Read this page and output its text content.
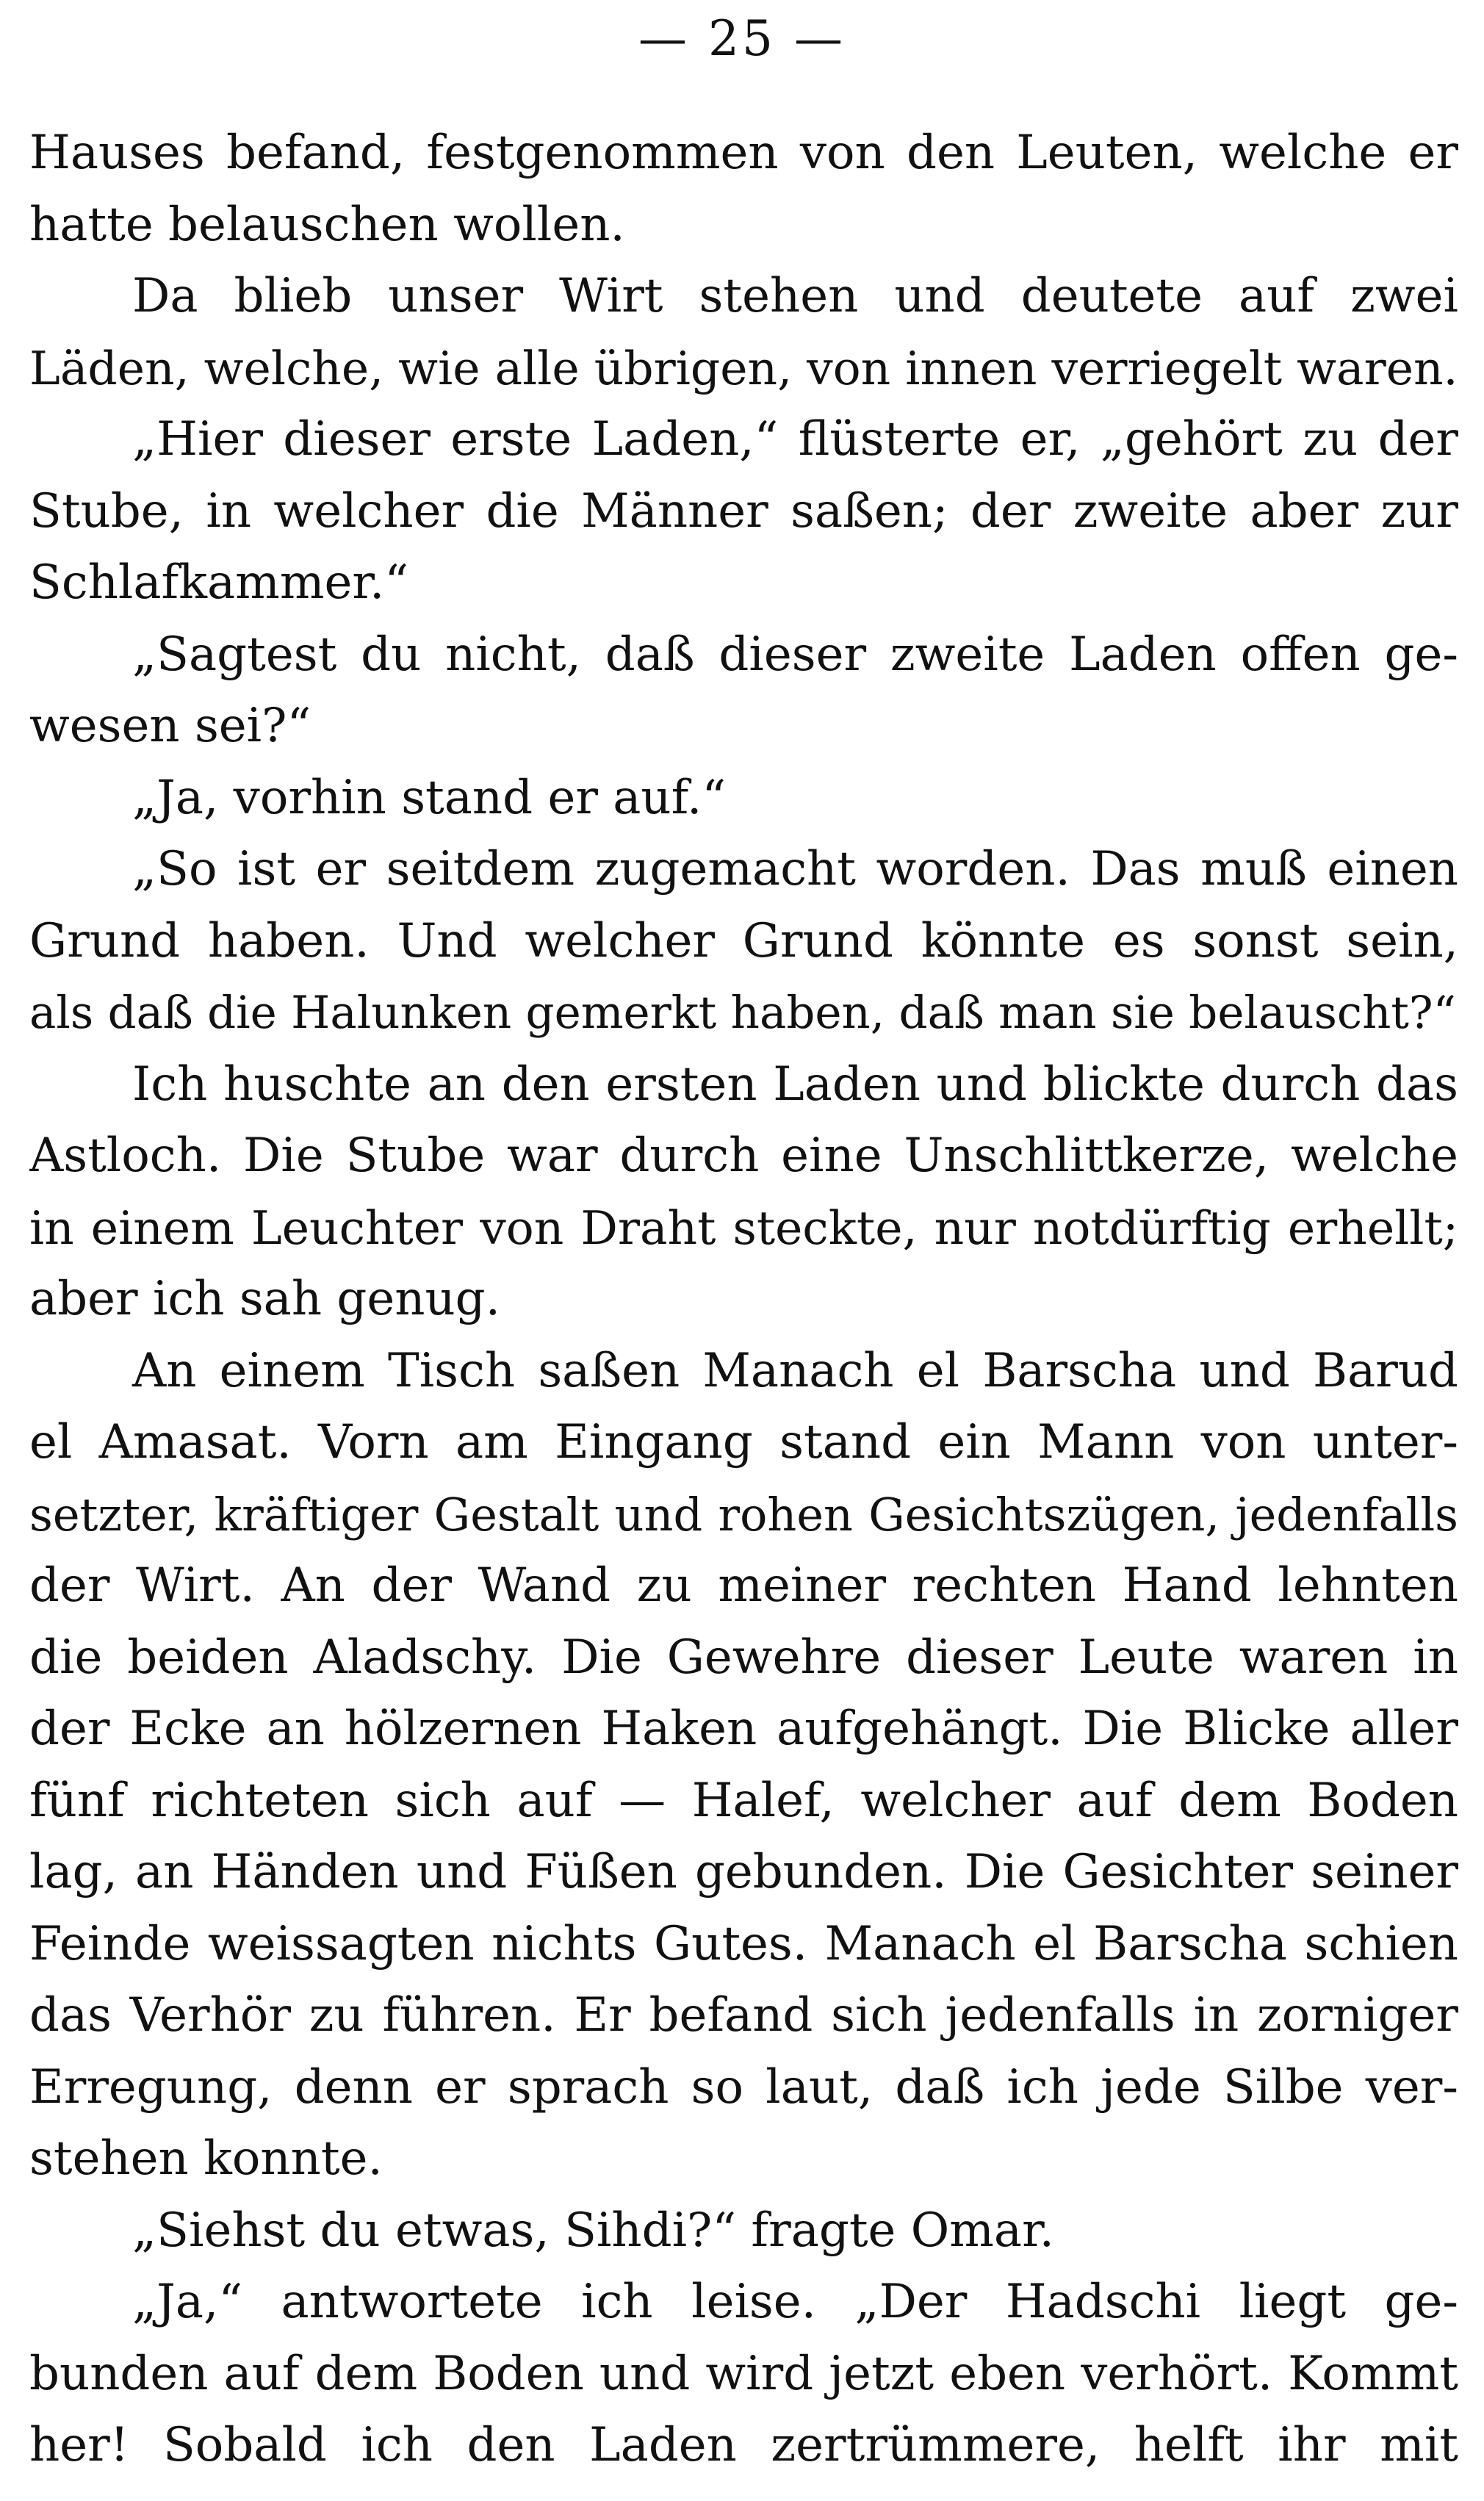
— 25 —
Hauses befand, festgenommen von den Leuten, welche er
hatte belauschen wollen.
Da blieb unser Wirt stehen und deutete auf zwei
Läden, welche, wie alle übrigen, von innen verriegelt waren.
„Hier dieser erste Laden,“ flüsterte er, „gehört zu der
Stube, in welcher die Männer saßen; der zweite aber zur
Schlafkammer.“
„Sagtest du nicht, daß dieser zweite Laden offen ge-
wesen sei?“
„Ja, vorhin stand er auf.“
„So ist er seitdem zugemacht worden. Das muß einen
Grund haben. Und welcher Grund könnte es sonst sein,
als daß die Halunken gemerkt haben, daß man sie belauscht?“
Ich huschte an den ersten Laden und blickte durch das
Astloch. Die Stube war durch eine Unschlittkerze, welche
in einem Leuchter von Draht steckte, nur notdürftig erhellt;
aber ich sah genug.
An einem Tisch saßen Manach el Barscha und Barud
el Amasat. Vorn am Eingang stand ein Mann von unter-
setzter, kräftiger Gestalt und rohen Gesichtszügen, jedenfalls
der Wirt. An der Wand zu meiner rechten Hand lehnten
die beiden Aladschy. Die Gewehre dieser Leute waren in
der Ecke an hölzernen Haken aufgehängt. Die Blicke aller
fünf richteten sich auf — Halef, welcher auf dem Boden
lag, an Händen und Füßen gebunden. Die Gesichter seiner
Feinde weissagten nichts Gutes. Manach el Barscha schien
das Verhör zu führen. Er befand sich jedenfalls in zorniger
Erregung, denn er sprach so laut, daß ich jede Silbe ver-
stehen konnte.
„Siehst du etwas, Sihdi?“ fragte Omar.
„Ja,“ antwortete ich leise. „Der Hadschi liegt ge-
bunden auf dem Boden und wird jetzt eben verhört. Kommt
her! Sobald ich den Laden zertrümmere, helft ihr mit
